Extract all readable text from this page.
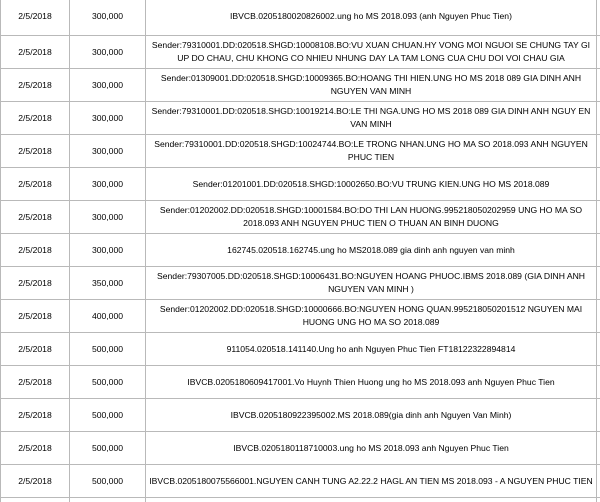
2/5/2018	300,000	IBVCB.0205180020826002.ung ho MS 2018.093 (anh Nguyen Phuc Tien)	
2/5/2018	300,000	Sender:79310001.DD:020518.SHGD:10008108.BO:VU XUAN CHUAN.HY VONG MOI NGUOI SE CHUNG TAY GI UP DO CHAU, CHU KHONG CO NHIEU NHUNG DAY LA TAM LONG CUA CHU DOI VOI CHAU GIA	
2/5/2018	300,000	Sender:01309001.DD:020518.SHGD:10009365.BO:HOANG THI HIEN.UNG HO MS 2018 089 GIA DINH ANH NGUYEN VAN MINH	
2/5/2018	300,000	Sender:79310001.DD:020518.SHGD:10019214.BO:LE THI NGA.UNG HO MS 2018 089 GIA DINH ANH NGUY EN VAN MINH	
2/5/2018	300,000	Sender:79310001.DD:020518.SHGD:10024744.BO:LE TRONG NHAN.UNG HO MA SO 2018.093 ANH NGUYEN PHUC TIEN	
2/5/2018	300,000	Sender:01201001.DD:020518.SHGD:10002650.BO:VU TRUNG KIEN.UNG HO MS 2018.089	
2/5/2018	300,000	Sender:01202002.DD:020518.SHGD:10001584.BO:DO THI LAN HUONG.995218050202959 UNG HO MA SO 2018.093 ANH NGUYEN PHUC TIEN O THUAN AN BINH DUONG	
2/5/2018	300,000	162745.020518.162745.ung ho MS2018.089 gia dinh anh nguyen van minh	
2/5/2018	350,000	Sender:79307005.DD:020518.SHGD:10006431.BO:NGUYEN HOANG PHUOC.IBMS 2018.089 (GIA DINH ANH NGUYEN VAN MINH )	
2/5/2018	400,000	Sender:01202002.DD:020518.SHGD:10000666.BO:NGUYEN HONG QUAN.995218050201512 NGUYEN MAI HUONG UNG HO MA SO 2018.089	
2/5/2018	500,000	911054.020518.141140.Ung ho anh Nguyen Phuc Tien FT18122322894814	
2/5/2018	500,000	IBVCB.0205180609417001.Vo Huynh Thien Huong ung ho MS 2018.093 anh Nguyen Phuc Tien	
2/5/2018	500,000	IBVCB.0205180922395002.MS 2018.089(gia dinh anh Nguyen Van Minh)	
2/5/2018	500,000	IBVCB.0205180118710003.ung ho MS 2018.093 anh Nguyen Phuc Tien	
2/5/2018	500,000	IBVCB.0205180075566001.NGUYEN CANH TUNG A2.22.2 HAGL AN TIEN MS 2018.093 - A NGUYEN PHUC TIEN	
